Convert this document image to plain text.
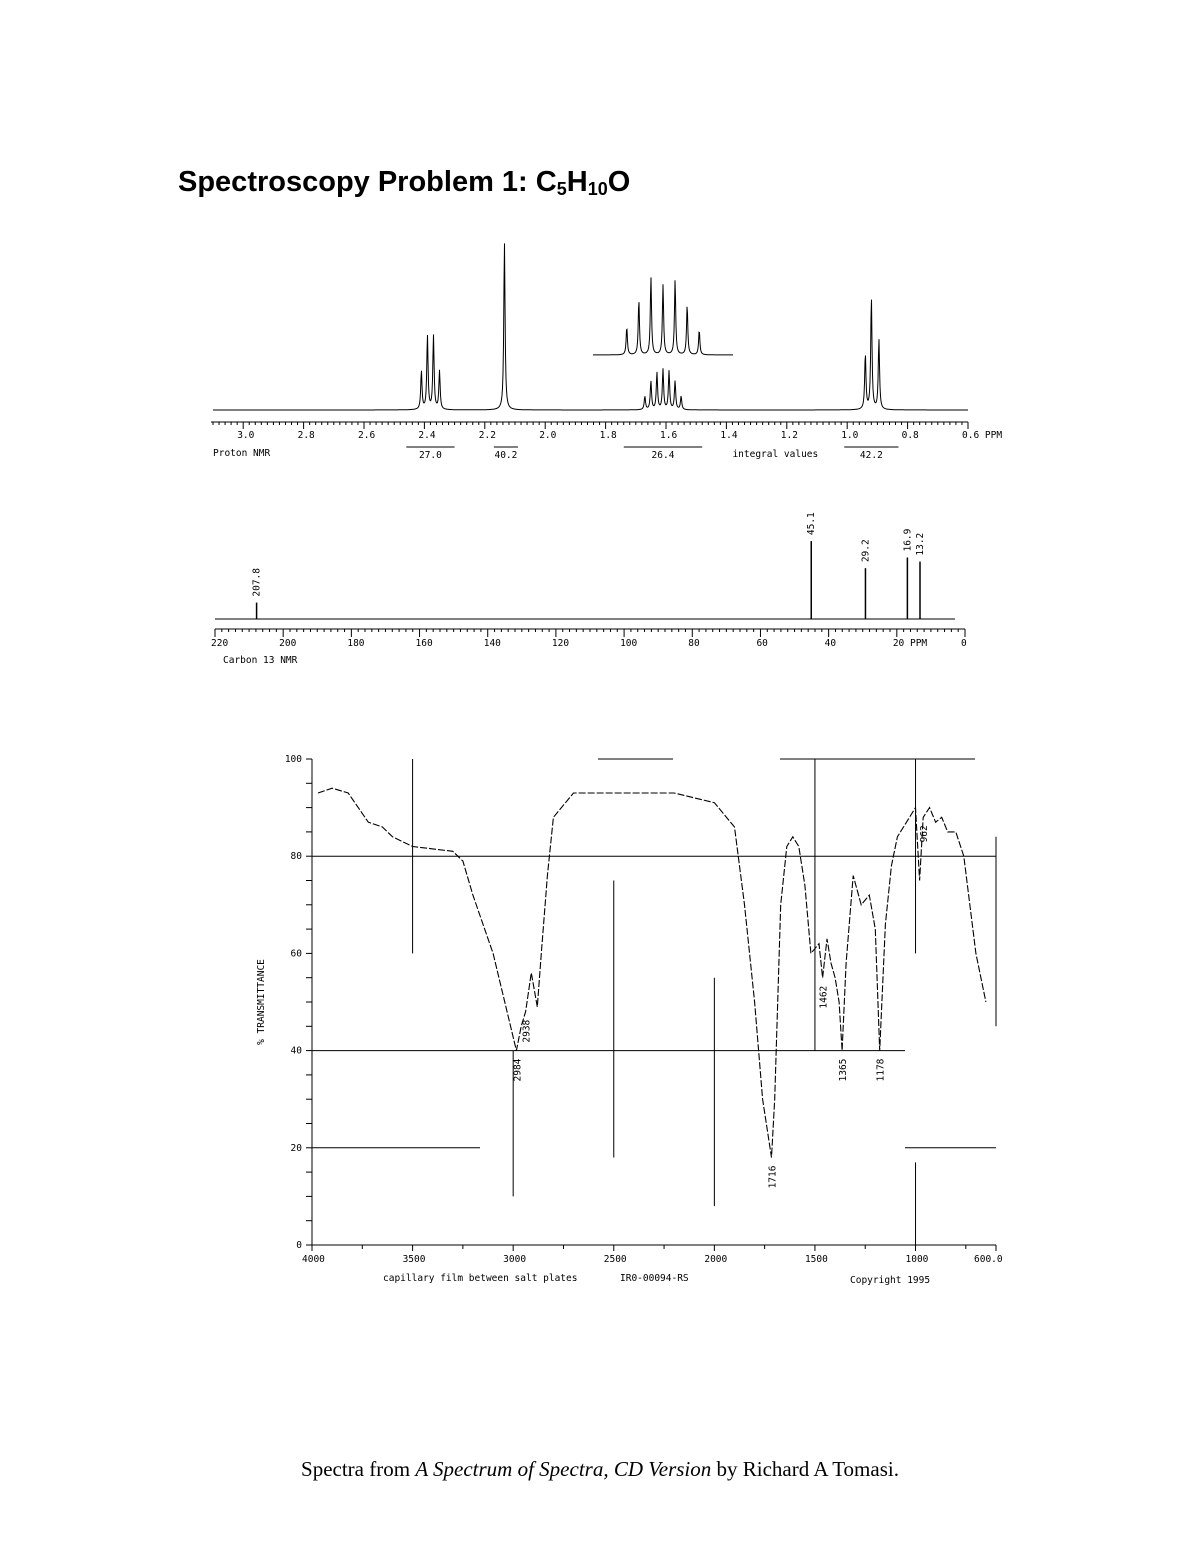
Spectroscopy Problem 1: $C_5H_{10}O$
3.0	2.8	2.6	2.4	2.2	2.0	1.8	1.6	1.4	1.2	1.0	0.8	0.6 PPM
Proton NMR	27.0	40.2	26.4	42.2
integral values
207.8
45.1
29.2	16.9 13.2
220	200	180	160	140	120	100	80	60	40	20 PPM	0
Carbon 13 NMR
100
80
60
40
20
0
4000	3500	3000	2500	2000	1500	1000	600.0
% TRANSMITTANCE
capillary film between salt plates	IR0-00094-RS	Copyright 1995
2984
2938
1716
1462
1365	1178
962

Spectra from A Spectrum of Spectra, CD Version by Richard A Tomasi.
